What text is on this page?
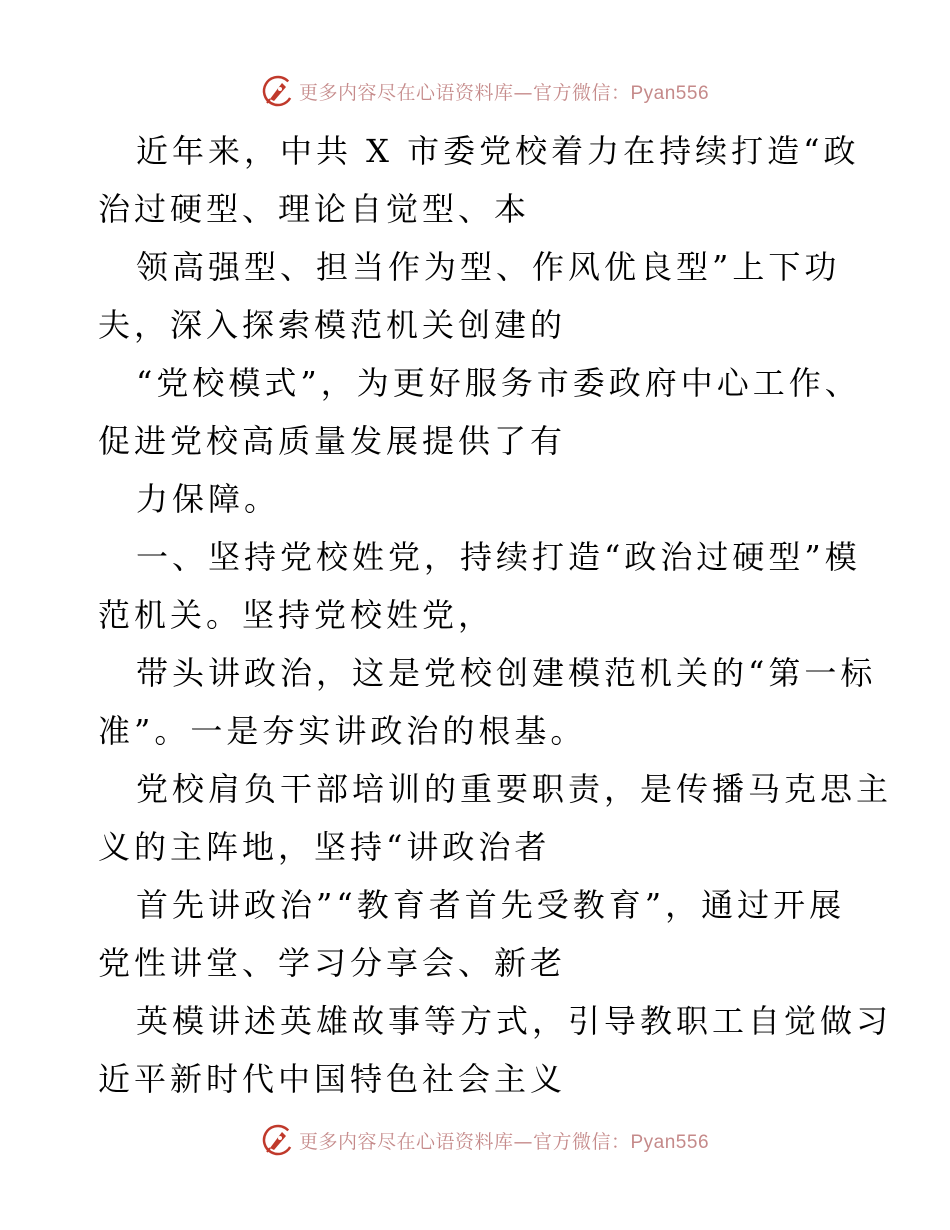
更多内容尽在心语资料库—官方微信：Pyan556

近年来，中共 X 市委党校着力在持续打造“政
治过硬型、理论自觉型、本

领高强型、担当作为型、作风优良型”上下功
夫，深入探索模范机关创建的

“党校模式”，为更好服务市委政府中心工作、
促进党校高质量发展提供了有

力保障。

一、坚持党校姓党，持续打造“政治过硬型”模
范机关。坚持党校姓党，

带头讲政治，这是党校创建模范机关的“第一标
准”。一是夯实讲政治的根基。

党校肩负干部培训的重要职责，是传播马克思主
义的主阵地，坚持“讲政治者

首先讲政治”“教育者首先受教育”，通过开展
党性讲堂、学习分享会、新老

英模讲述英雄故事等方式，引导教职工自觉做习
近平新时代中国特色社会主义

更多内容尽在心语资料库—官方微信：Pyan556
